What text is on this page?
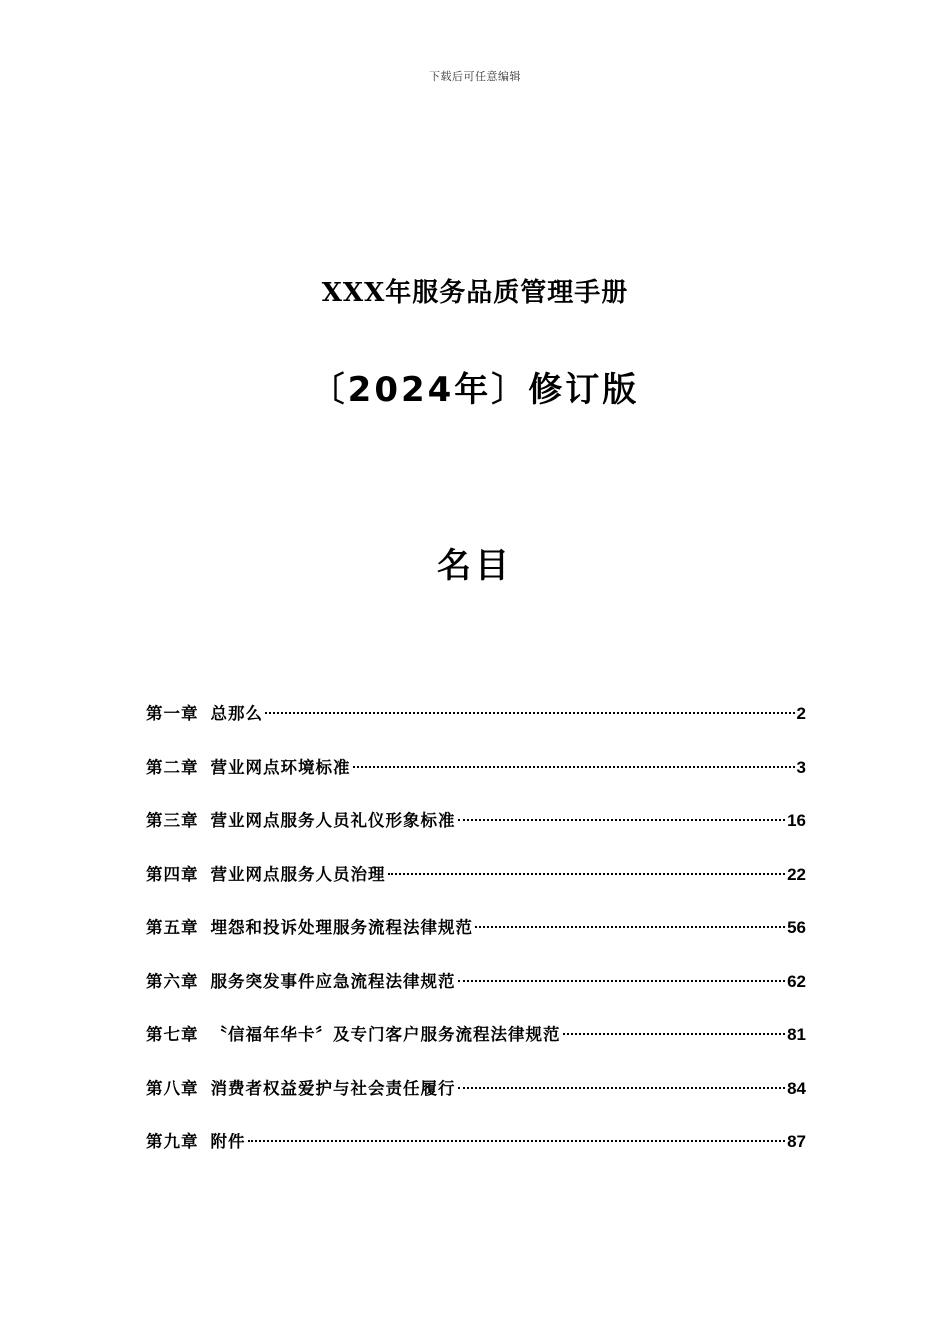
下载后可任意编辑
XXX年服务品质管理手册
〔2024年〕修订版
名目
第一章 总那么	2
第二章 营业网点环境标准	3
第三章 营业网点服务人员礼仪形象标准	16
第四章 营业网点服务人员治理	22
第五章 埋怨和投诉处理服务流程法律规范	56
第六章 服务突发事件应急流程法律规范	62
第七章 〝信福年华卡〞及专门客户服务流程法律规范	81
第八章 消费者权益爱护与社会责任履行	84
第九章 附件	87
